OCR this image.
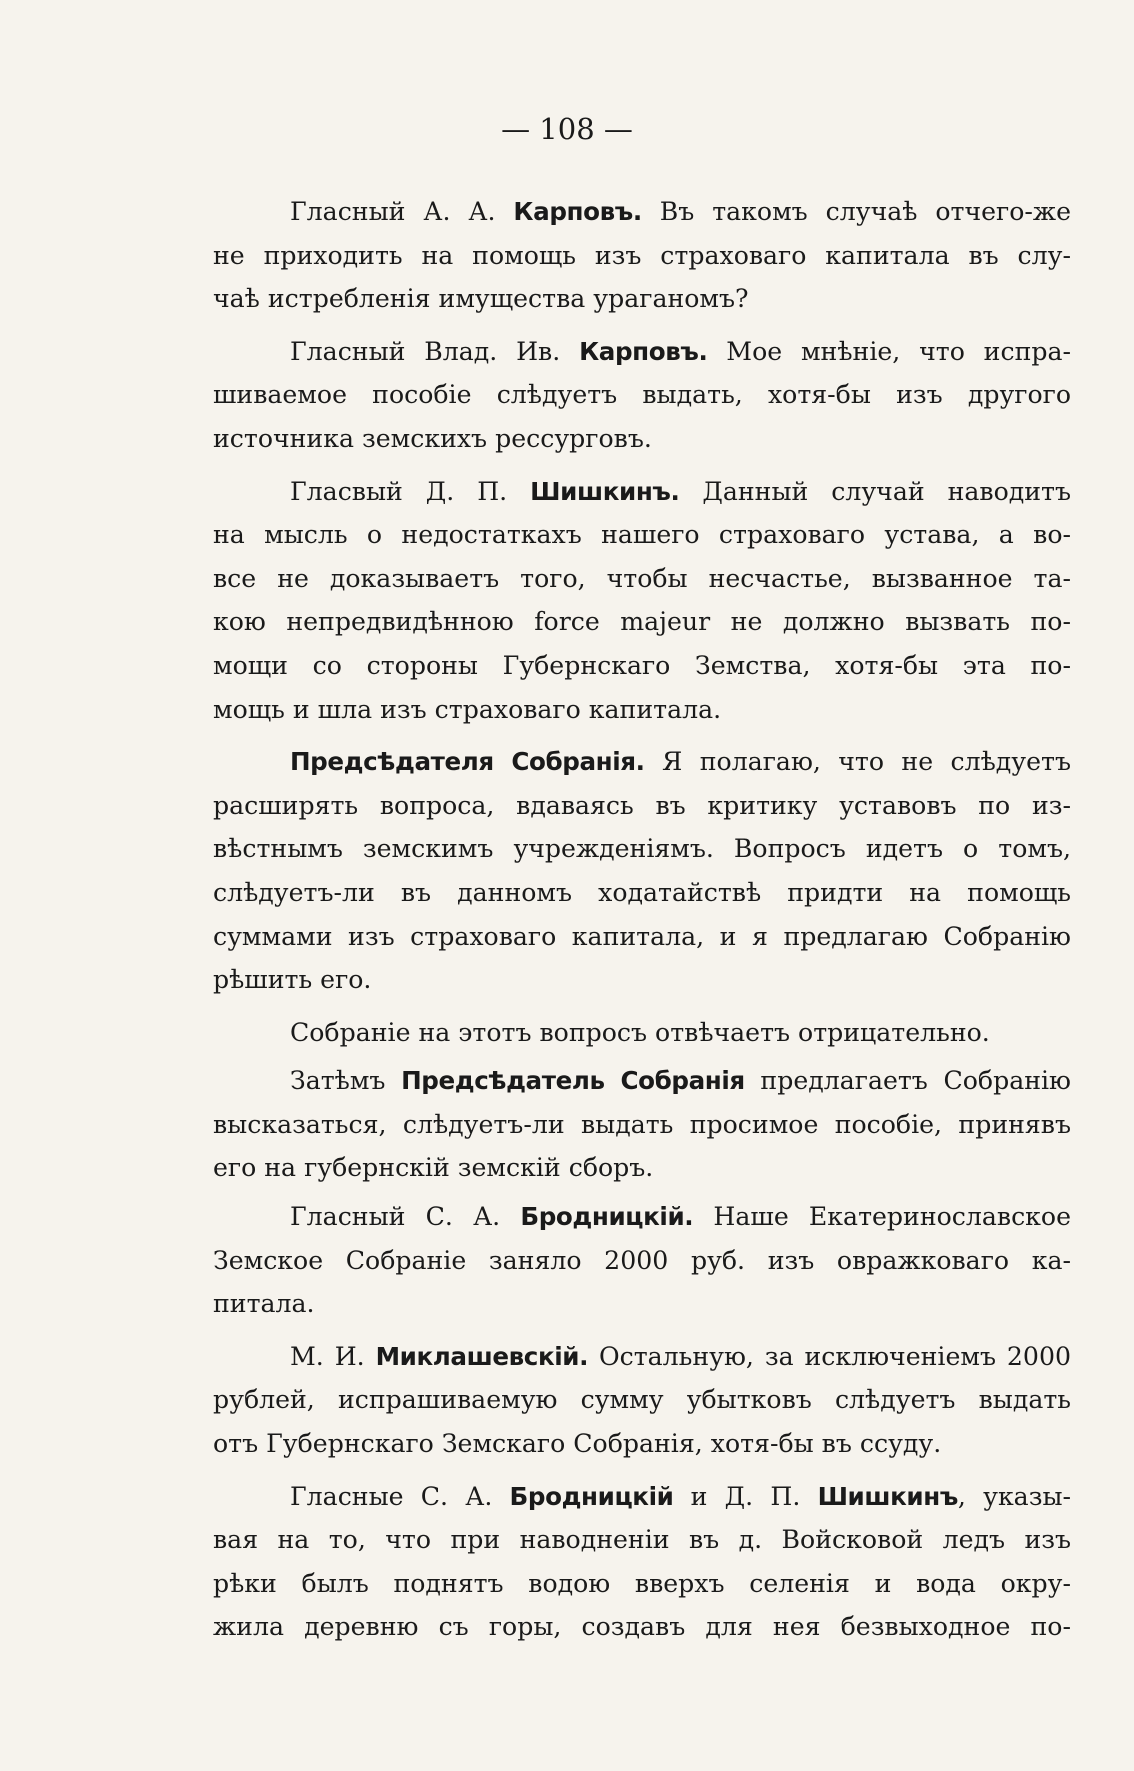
— 108 —
Гласный А. А. Карповъ. Въ такомъ случаѣ отчего-же
не приходить на помощь изъ страховаго капитала въ слу-
чаѣ истребленія имущества ураганомъ?
Гласный Влад. Ив. Карповъ. Мое мнѣніе, что испра-
шиваемое пособіе слѣдуетъ выдать, хотя-бы изъ другого
источника земскихъ рессурговъ.
Гласвый Д. П. Шишкинъ. Данный случай наводитъ
на мысль о недостаткахъ нашего страховаго устава, а во-
все не доказываетъ того, чтобы несчастье, вызванное та-
кою непредвидѣнною force majeur не должно вызвать по-
мощи со стороны Губернскаго Земства, хотя-бы эта по-
мощь и шла изъ страховаго капитала.
Предсѣдателя Собранія. Я полагаю, что не слѣдуетъ
расширять вопроса, вдаваясь въ критику уставовъ по из-
вѣстнымъ земскимъ учрежденіямъ. Вопросъ идетъ о томъ,
слѣдуетъ-ли въ данномъ ходатайствѣ придти на помощь
суммами изъ страховаго капитала, и я предлагаю Собранію
рѣшить его.
Собраніе на этотъ вопросъ отвѣчаетъ отрицательно.
Затѣмъ Предсѣдатель Собранія предлагаетъ Собранію
высказаться, слѣдуетъ-ли выдать просимое пособіе, принявъ
его на губернскій земскій сборъ.
Гласный С. А. Бродницкій. Наше Екатеринославское
Земское Собраніе заняло 2000 руб. изъ овражковаго ка-
питала.
М. И. Миклашевскій. Остальную, за исключеніемъ 2000
рублей, испрашиваемую сумму убытковъ слѣдуетъ выдать
отъ Губернскаго Земскаго Собранія, хотя-бы въ ссуду.
Гласные С. А. Бродницкій и Д. П. Шишкинъ, указы-
вая на то, что при наводненіи въ д. Войсковой ледъ изъ
рѣки былъ поднятъ водою вверхъ селенія и вода окру-
жила деревню съ горы, создавъ для нея безвыходное по-
